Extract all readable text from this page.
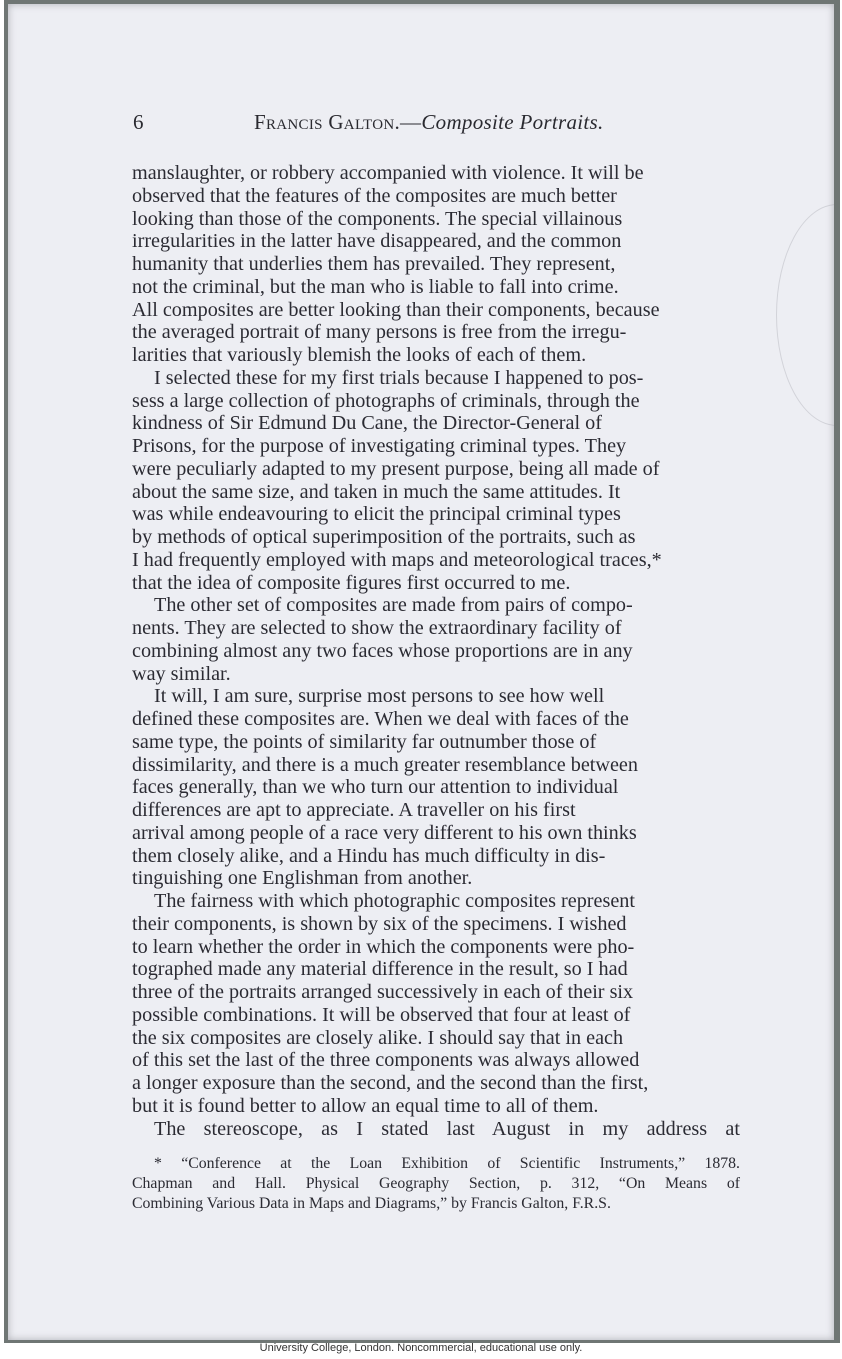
6	Francis Galton.—Composite Portraits.

manslaughter, or robbery accompanied with violence. It will be
observed that the features of the composites are much better
looking than those of the components. The special villainous
irregularities in the latter have disappeared, and the common
humanity that underlies them has prevailed. They represent,
not the criminal, but the man who is liable to fall into crime.
All composites are better looking than their components, because
the averaged portrait of many persons is free from the irregu-
larities that variously blemish the looks of each of them.

I selected these for my first trials because I happened to pos-
sess a large collection of photographs of criminals, through the
kindness of Sir Edmund Du Cane, the Director-General of
Prisons, for the purpose of investigating criminal types. They
were peculiarly adapted to my present purpose, being all made of
about the same size, and taken in much the same attitudes. It
was while endeavouring to elicit the principal criminal types
by methods of optical superimposition of the portraits, such as
I had frequently employed with maps and meteorological traces,*
that the idea of composite figures first occurred to me.

The other set of composites are made from pairs of compo-
nents. They are selected to show the extraordinary facility of
combining almost any two faces whose proportions are in any
way similar.

It will, I am sure, surprise most persons to see how well
defined these composites are. When we deal with faces of the
same type, the points of similarity far outnumber those of
dissimilarity, and there is a much greater resemblance between
faces generally, than we who turn our attention to individual
differences are apt to appreciate. A traveller on his first
arrival among people of a race very different to his own thinks
them closely alike, and a Hindu has much difficulty in dis-
tinguishing one Englishman from another.

The fairness with which photographic composites represent
their components, is shown by six of the specimens. I wished
to learn whether the order in which the components were pho-
tographed made any material difference in the result, so I had
three of the portraits arranged successively in each of their six
possible combinations. It will be observed that four at least of
the six composites are closely alike. I should say that in each
of this set the last of the three components was always allowed
a longer exposure than the second, and the second than the first,
but it is found better to allow an equal time to all of them.

The stereoscope, as I stated last August in my address at

* “Conference at the Loan Exhibition of Scientific Instruments,” 1878.

Chapman and Hall. Physical Geography Section, p. 312, “On Means of

Combining Various Data in Maps and Diagrams,” by Francis Galton, F.R.S.

University College, London. Noncommercial, educational use only.
